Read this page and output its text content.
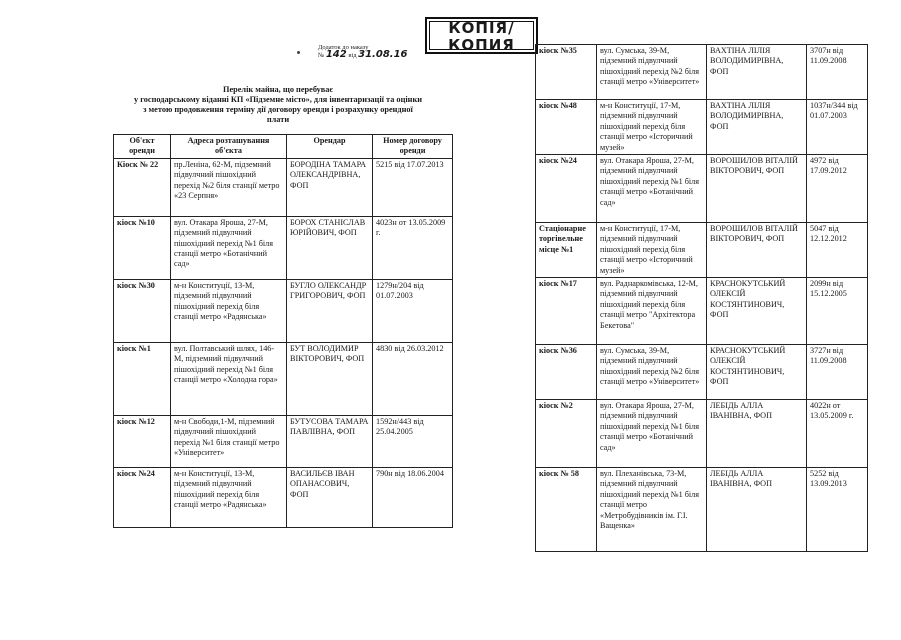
КОПІЯ/
КОПИЯ
Додаток до наказу
№ 142 від 31.08.16
Перелік майна, що перебуває
у господарському віданні КП «Підземне місто», для інвентаризації та оцінки
з метою продовження терміну дії договору оренди і розрахунку орендної
плати
Об'єкт оренди	Адреса розташування об'єкта	Орендар	Номер договору оренди
Кіоск № 22	пр.Леніна, 62-М, підземний підвулчний пішохідний перехід №2 біля станції метро «23 Серпня»	БОРОДІНА ТАМАРА ОЛЕКСАНДРІВНА, ФОП	5215 від 17.07.2013
кіоск №10	вул. Отакара Яроша, 27-М, підземний підвулчний пішохідний перехід №1 біля станції метро «Ботанічний сад»	БОРОХ СТАНІСЛАВ ЮРІЙОВИЧ, ФОП	4023н от 13.05.2009 г.
кіоск №30	м-н Конституції, 13-М, підземний підвулчний пішохідний перехід біля станції метро «Радянська»	БУГЛО ОЛЕКСАНДР ГРИГОРОВИЧ, ФОП	1279н/204 від 01.07.2003
кіоск №1	вул. Полтавський шлях, 146-М, підземний підвулчний пішохідний перехід №1 біля станції метро «Холодна гора»	БУТ ВОЛОДИМИР ВІКТОРОВИЧ, ФОП	4830 від 26.03.2012
кіоск №12	м-н Свободи,1-М, підземний підвулчний пішохідний перехід №1 біля станції метро «Університет»	БУТУСОВА ТАМАРА ПАВЛІВНА, ФОП	1592н/443 від 25.04.2005
кіоск №24	м-н Конституції, 13-М, підземний підвулчний пішохідний перехід біля станції метро «Радянська»	ВАСИЛЬЄВ ІВАН ОПАНАСОВИЧ, ФОП	790н від 18.06.2004
кіоск №35	вул. Сумська, 39-М, підземний підвулчний пішохідний перехід №2 біля станції метро «Університет»	ВАХТІНА ЛІЛІЯ ВОЛОДИМИРІВНА, ФОП	3707н від 11.09.2008
кіоск №48	м-н Конституції, 17-М, підземний підвулчний пішохідний перехід біля станції метро «Історичний музей»	ВАХТІНА ЛІЛІЯ ВОЛОДИМИРІВНА, ФОП	1037н/344 від 01.07.2003
кіоск №24	вул. Отакара Яроша, 27-М, підземний підвулчний пішохідний перехід №1 біля станції метро «Ботанічний сад»	ВОРОШИЛОВ ВІТАЛІЙ ВІКТОРОВИЧ, ФОП	4972 від 17.09.2012
Стаціонарне торгівельне місце №1	м-н Конституції, 17-М, підземний підвулчний пішохідний перехід біля станції метро «Історичний музей»	ВОРОШИЛОВ ВІТАЛІЙ ВІКТОРОВИЧ, ФОП	5047 від 12.12.2012
кіоск №17	вул. Раднаркомівська, 12-М, підземний підвулчний пішохідний перехід біля станції метро "Архітектора Бекетова"	КРАСНОКУТСЬКИЙ ОЛЕКСІЙ КОСТЯНТИНОВИЧ, ФОП	2099н від 15.12.2005
кіоск №36	вул. Сумська, 39-М, підземний підвулчний пішохідний перехід №2 біля станції метро «Університет»	КРАСНОКУТСЬКИЙ ОЛЕКСІЙ КОСТЯНТИНОВИЧ, ФОП	3727н від 11.09.2008
кіоск №2	вул. Отакара Яроша, 27-М, підземний підвулчний пішохідний перехід №1 біля станції метро «Ботанічний сад»	ЛЕБІДЬ АЛЛА ІВАНІВНА, ФОП	4022н от 13.05.2009 г.
кіоск № 58	вул. Плеханівська, 73-М, підземний підвулчний пішохідний перехід №1 біля станції метро «Метробудівників ім. Г.І. Ващенка»	ЛЕБІДЬ АЛЛА ІВАНІВНА, ФОП	5252 від 13.09.2013
